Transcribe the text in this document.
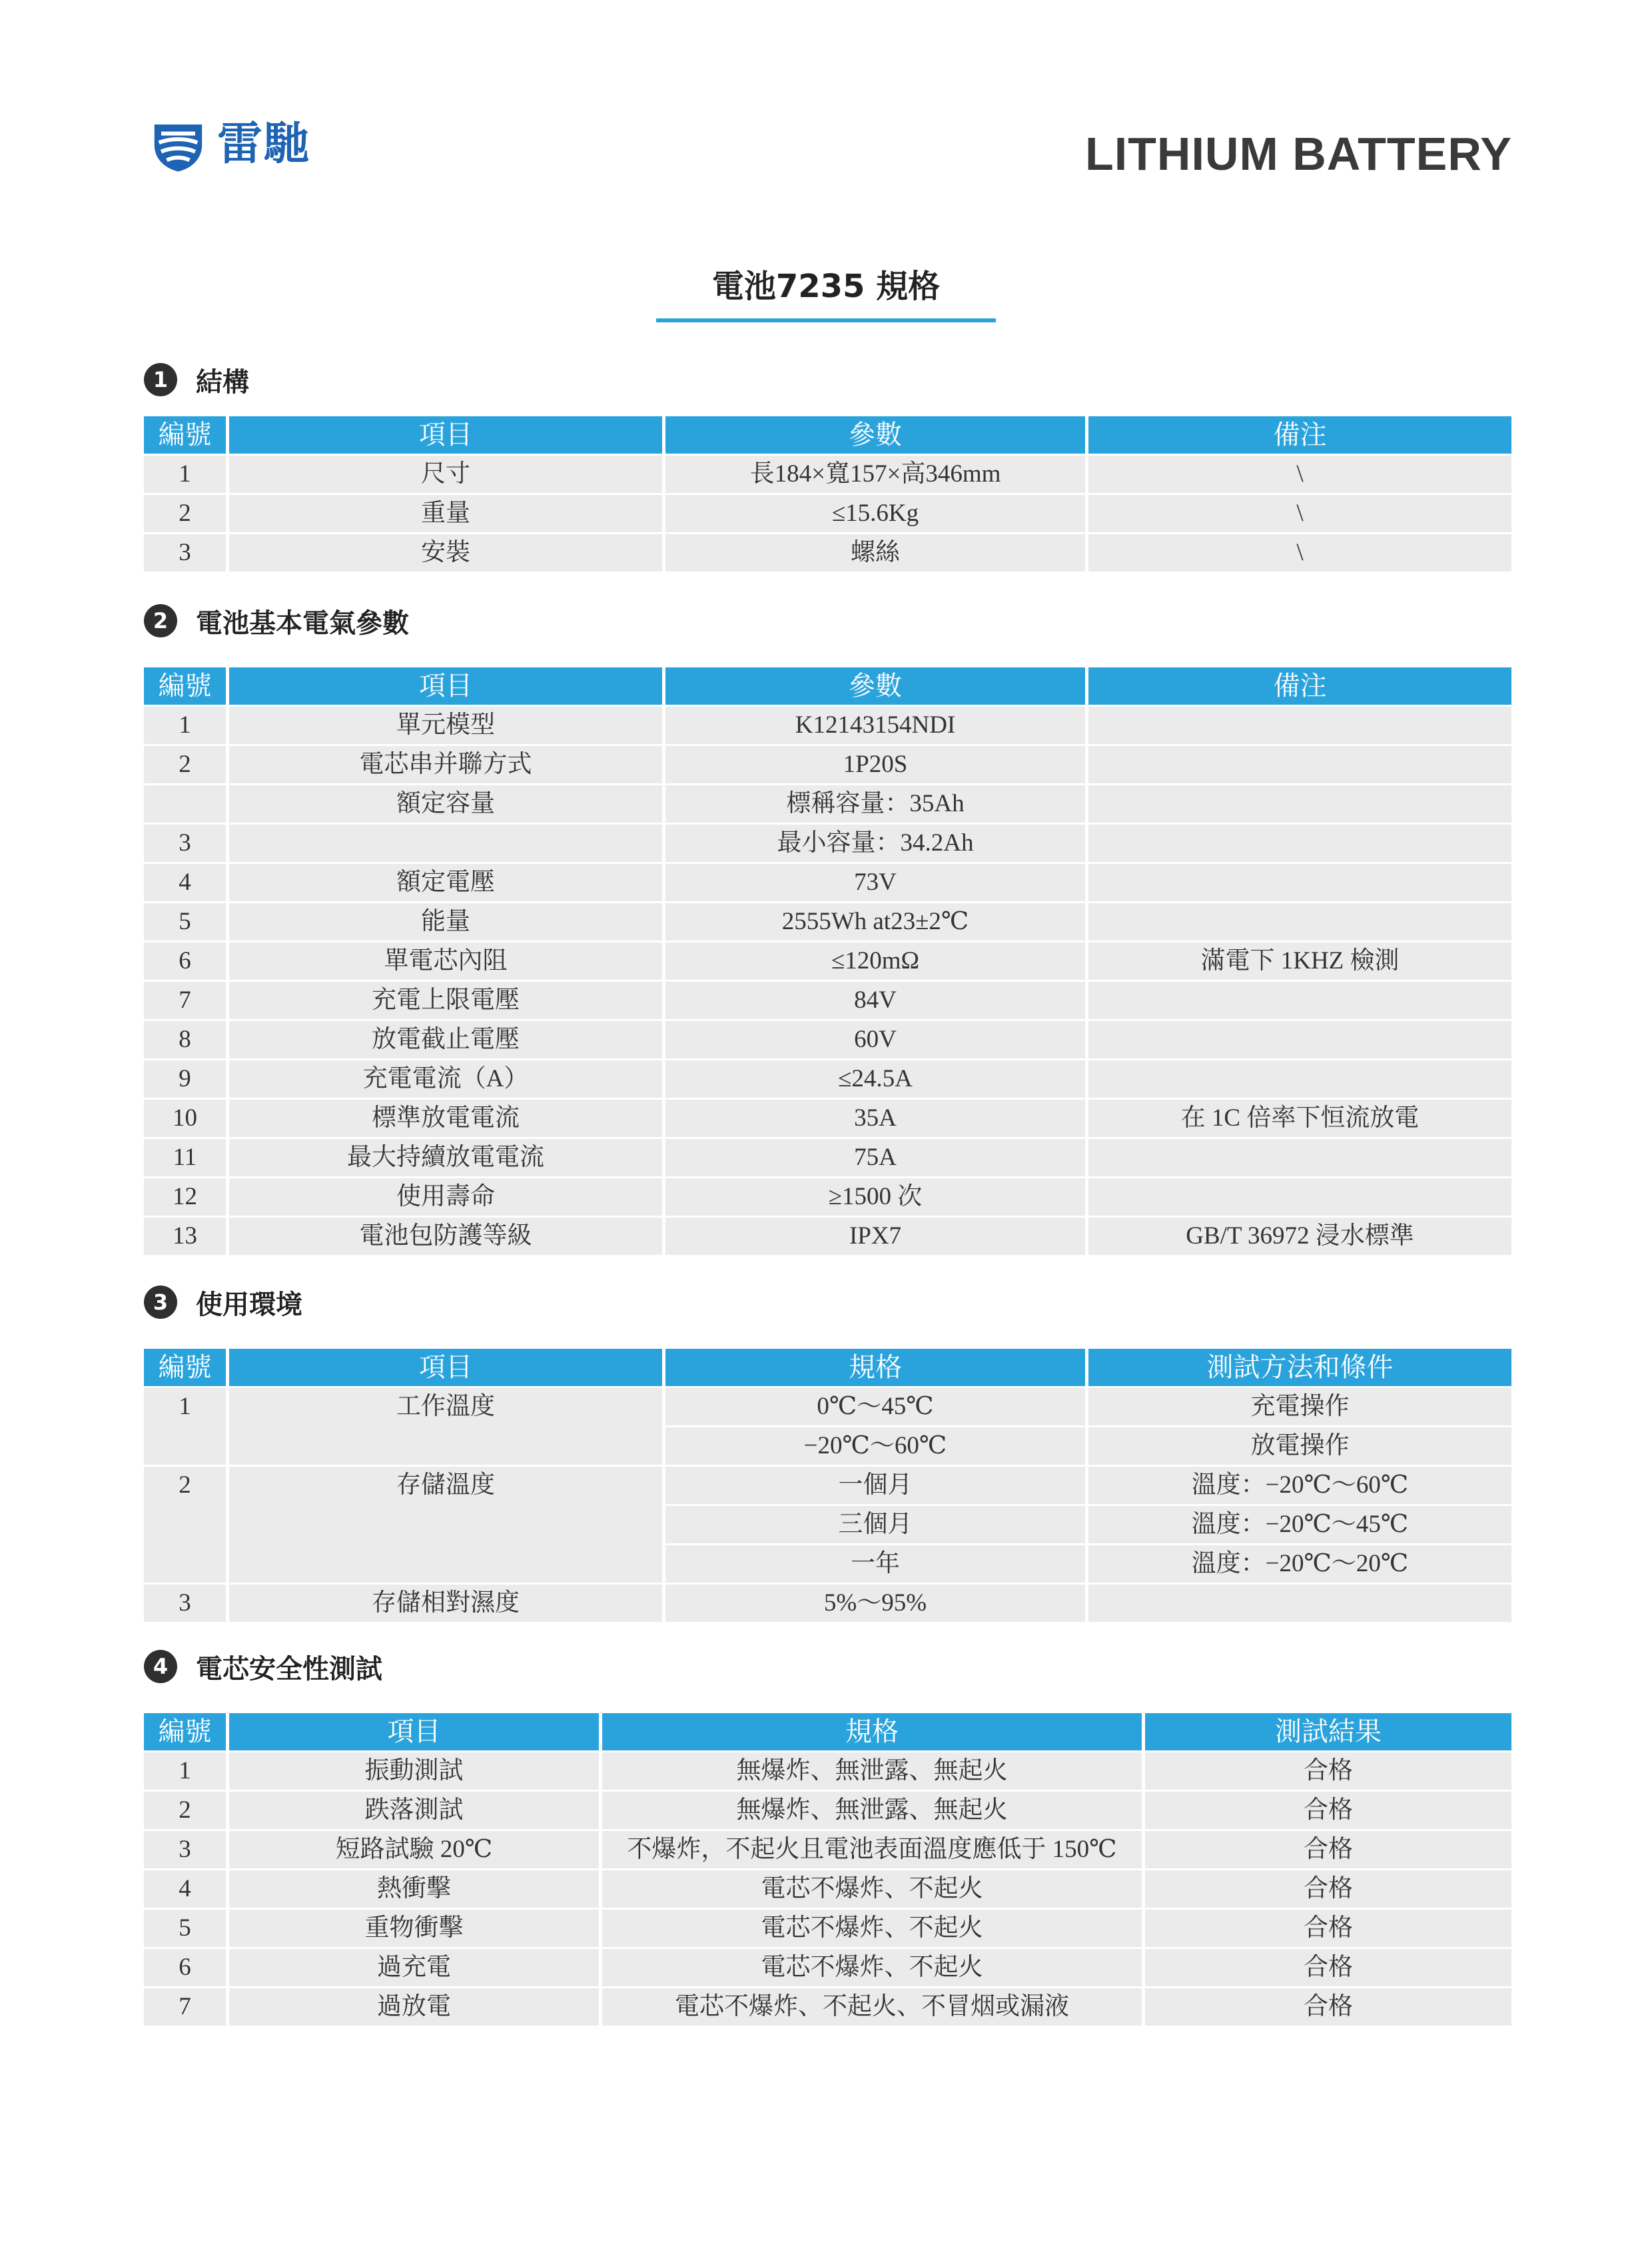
雷馳	LITHIUM BATTERY
電池7235 規格
1	結構
編號	項目	參數	備注
1	尺寸	長184×寬157×高346mm	\
2	重量	≤15.6Kg	\
3	安裝	螺絲	\
2	電池基本電氣參數
編號	項目	參數	備注
1	單元模型	K12143154NDI	
2	電芯串并聯方式	1P20S	
	額定容量	標稱容量：35Ah	
3		最小容量：34.2Ah	
4	額定電壓	73V	
5	能量	2555Wh at23±2℃	
6	單電芯內阻	≤120mΩ	滿電下 1KHZ 檢測
7	充電上限電壓	84V	
8	放電截止電壓	60V	
9	充電電流（A）	≤24.5A	
10	標準放電電流	35A	在 1C 倍率下恒流放電
11	最大持續放電電流	75A	
12	使用壽命	≥1500 次	
13	電池包防護等級	IPX7	GB/T 36972 浸水標準
3	使用環境
編號	項目	規格	測試方法和條件
1	工作溫度	0℃～45℃	充電操作
		−20℃～60℃	放電操作
2	存儲溫度	一個月	溫度：−20℃～60℃
		三個月	溫度：−20℃～45℃
		一年	溫度：−20℃～20℃
3	存儲相對濕度	5%～95%	
4	電芯安全性測試
編號	項目	規格	測試結果
1	振動測試	無爆炸、無泄露、無起火	合格
2	跌落測試	無爆炸、無泄露、無起火	合格
3	短路試驗 20℃	不爆炸，不起火且電池表面溫度應低于 150℃	合格
4	熱衝擊	電芯不爆炸、不起火	合格
5	重物衝擊	電芯不爆炸、不起火	合格
6	過充電	電芯不爆炸、不起火	合格
7	過放電	電芯不爆炸、不起火、不冒烟或漏液	合格
